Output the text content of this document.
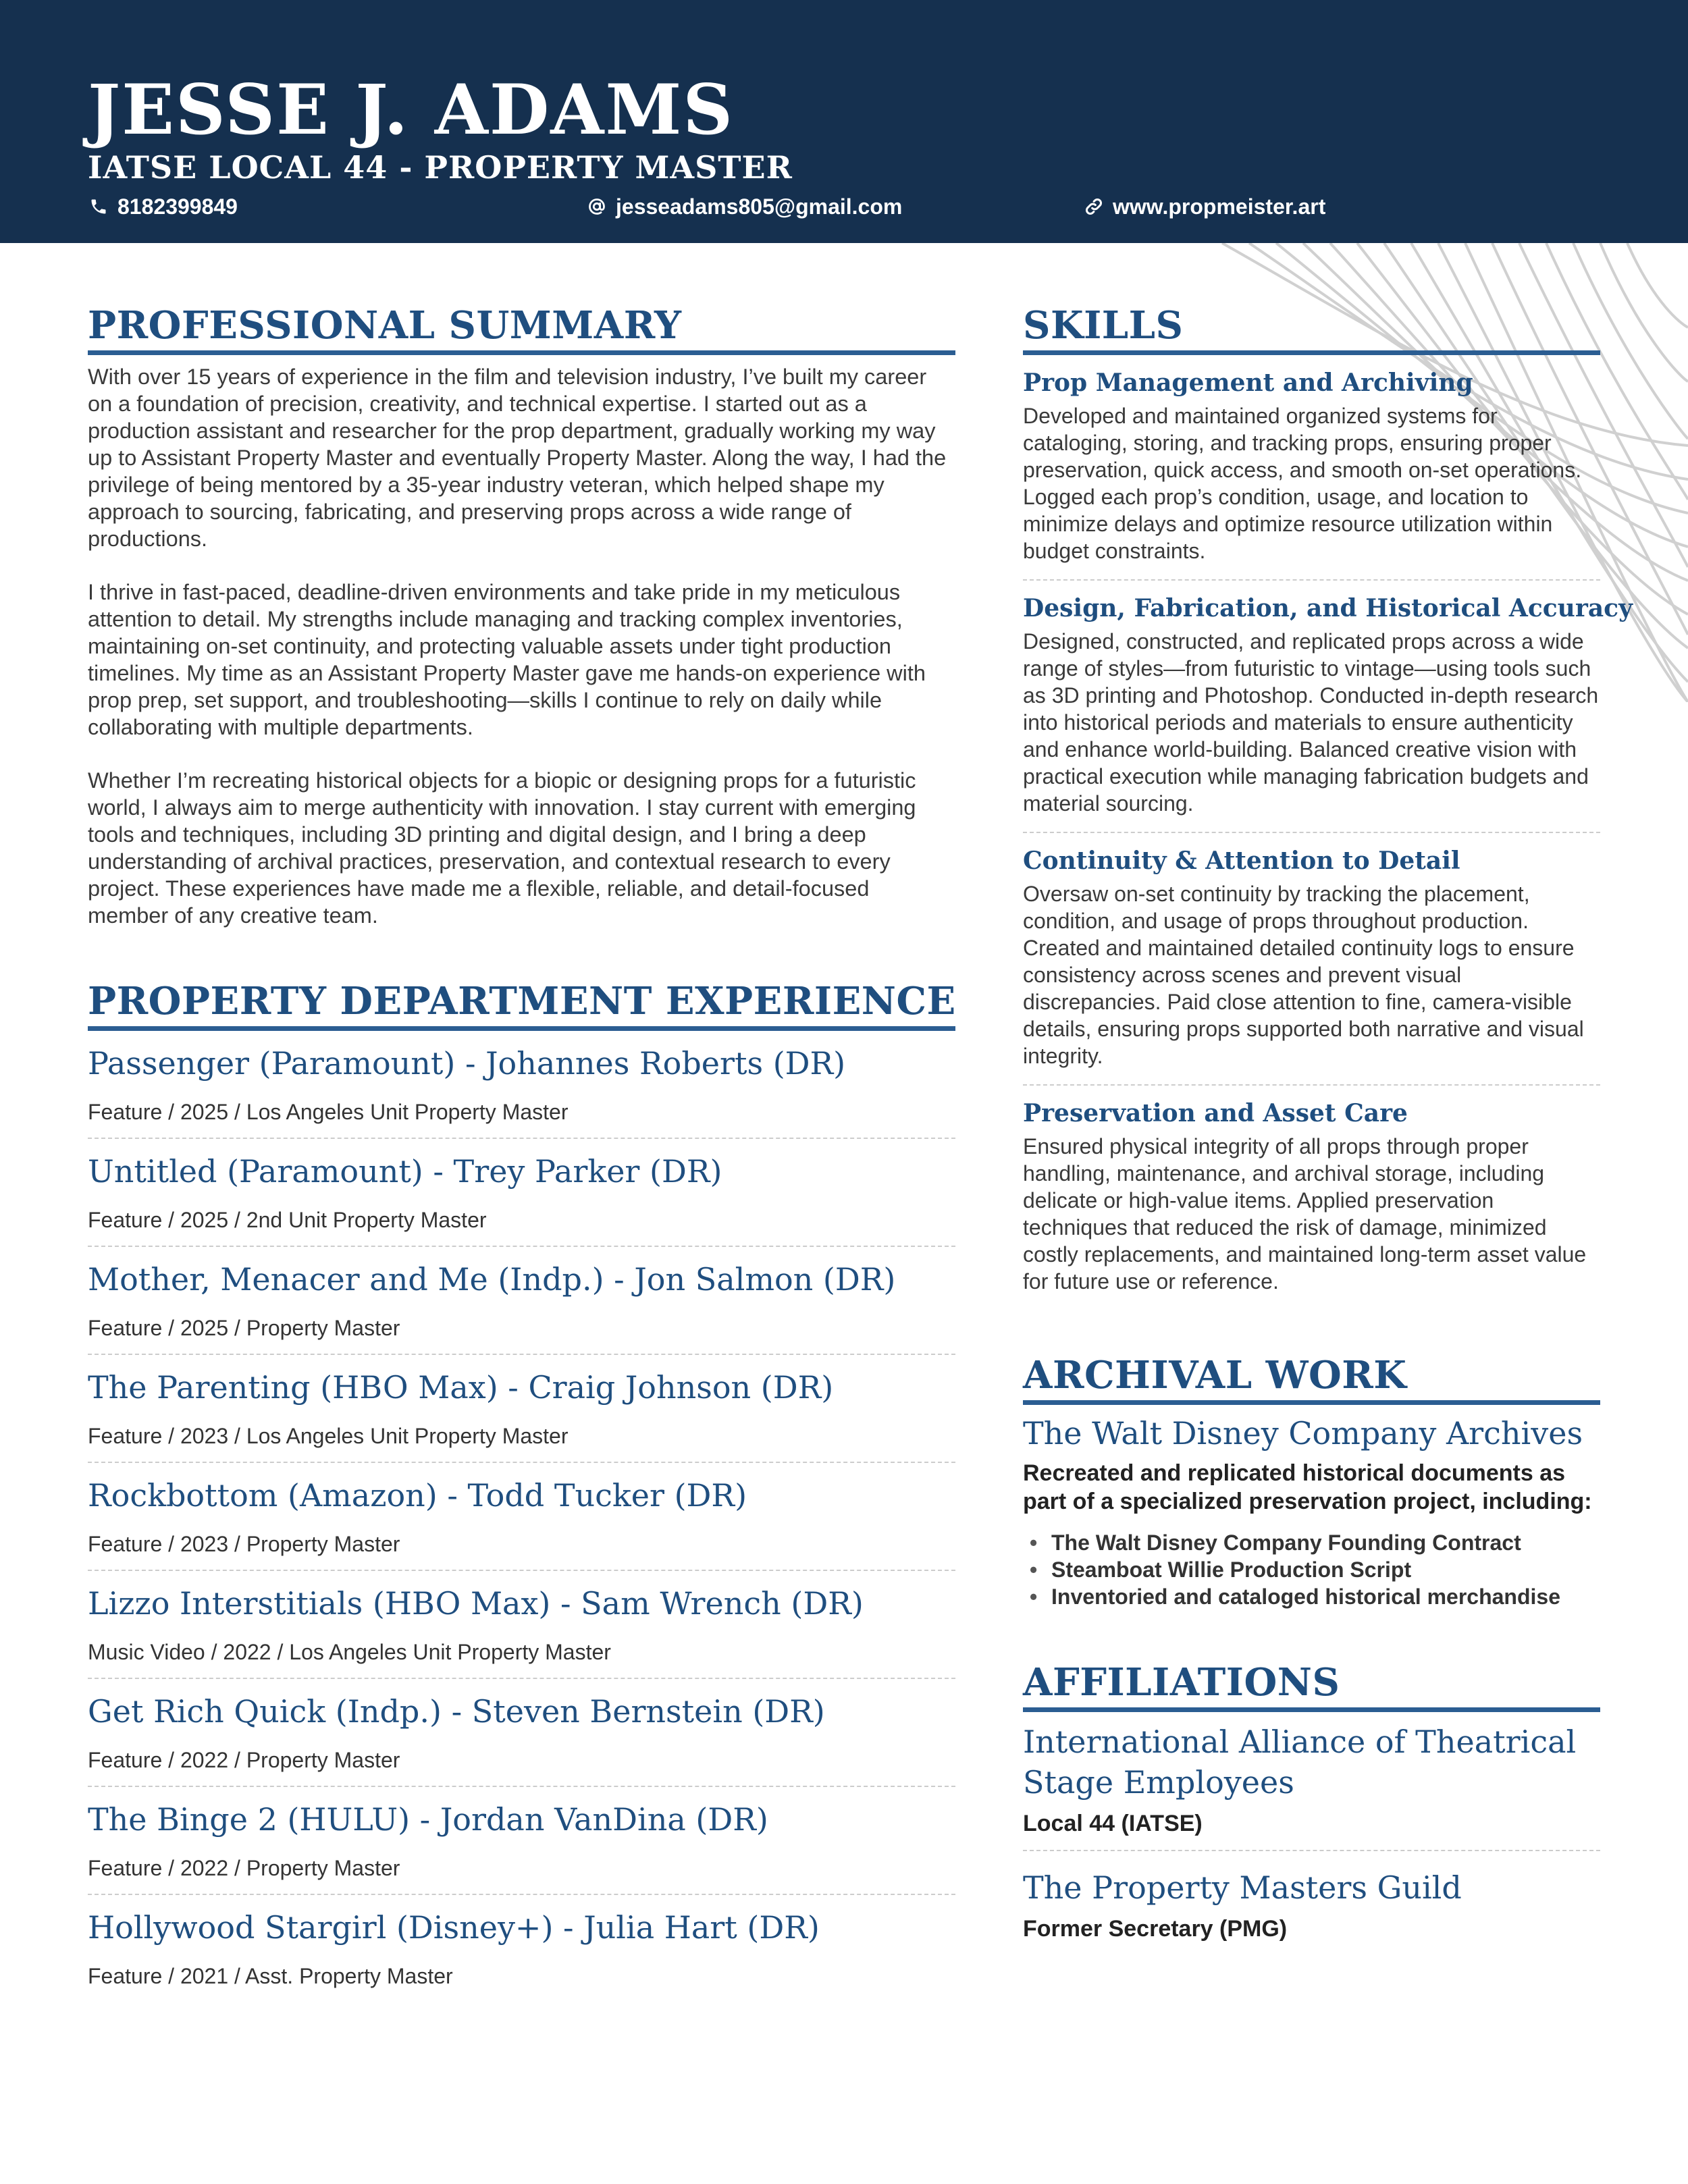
JESSE J. ADAMS
IATSE LOCAL 44 - PROPERTY MASTER
8182399849	jesseadams805@gmail.com	www.propmeister.art
PROFESSIONAL SUMMARY

With over 15 years of experience in the film and television industry, I’ve built my career on a foundation of precision, creativity, and technical expertise. I started out as a production assistant and researcher for the prop department, gradually working my way up to Assistant Property Master and eventually Property Master. Along the way, I had the privilege of being mentored by a 35-year industry veteran, which helped shape my approach to sourcing, fabricating, and preserving props across a wide range of productions.

I thrive in fast-paced, deadline-driven environments and take pride in my meticulous attention to detail. My strengths include managing and tracking complex inventories, maintaining on-set continuity, and protecting valuable assets under tight production timelines. My time as an Assistant Property Master gave me hands-on experience with prop prep, set support, and troubleshooting—skills I continue to rely on daily while collaborating with multiple departments.

Whether I’m recreating historical objects for a biopic or designing props for a futuristic world, I always aim to merge authenticity with innovation. I stay current with emerging tools and techniques, including 3D printing and digital design, and I bring a deep understanding of archival practices, preservation, and contextual research to every project. These experiences have made me a flexible, reliable, and detail-focused member of any creative team.

PROPERTY DEPARTMENT EXPERIENCE
Passenger (Paramount) - Johannes Roberts (DR)
Feature / 2025 / Los Angeles Unit Property Master
Untitled (Paramount) - Trey Parker (DR)
Feature / 2025 / 2nd Unit Property Master
Mother, Menacer and Me (Indp.) - Jon Salmon (DR)
Feature / 2025 / Property Master
The Parenting (HBO Max) - Craig Johnson (DR)
Feature / 2023 / Los Angeles Unit Property Master
Rockbottom (Amazon) - Todd Tucker (DR)
Feature / 2023 / Property Master
Lizzo Interstitials (HBO Max) - Sam Wrench (DR)
Music Video / 2022 / Los Angeles Unit Property Master
Get Rich Quick (Indp.) - Steven Bernstein (DR)
Feature / 2022 / Property Master
The Binge 2 (HULU) - Jordan VanDina (DR)
Feature / 2022 / Property Master
Hollywood Stargirl (Disney+) - Julia Hart (DR)
Feature / 2021 / Asst. Property Master
SKILLS
Prop Management and Archiving
Developed and maintained organized systems for cataloging, storing, and tracking props, ensuring proper preservation, quick access, and smooth on-set operations. Logged each prop’s condition, usage, and location to minimize delays and optimize resource utilization within budget constraints.
Design, Fabrication, and Historical Accuracy
Designed, constructed, and replicated props across a wide range of styles—from futuristic to vintage—using tools such as 3D printing and Photoshop. Conducted in-depth research into historical periods and materials to ensure authenticity and enhance world-building. Balanced creative vision with practical execution while managing fabrication budgets and material sourcing.
Continuity & Attention to Detail
Oversaw on-set continuity by tracking the placement, condition, and usage of props throughout production. Created and maintained detailed continuity logs to ensure consistency across scenes and prevent visual discrepancies. Paid close attention to fine, camera-visible details, ensuring props supported both narrative and visual integrity.
Preservation and Asset Care
Ensured physical integrity of all props through proper handling, maintenance, and archival storage, including delicate or high-value items. Applied preservation techniques that reduced the risk of damage, minimized costly replacements, and maintained long-term asset value for future use or reference.
ARCHIVAL WORK
The Walt Disney Company Archives
Recreated and replicated historical documents as part of a specialized preservation project, including:
• The Walt Disney Company Founding Contract
• Steamboat Willie Production Script
• Inventoried and cataloged historical merchandise
AFFILIATIONS
International Alliance of Theatrical Stage Employees
Local 44 (IATSE)
The Property Masters Guild
Former Secretary (PMG)
